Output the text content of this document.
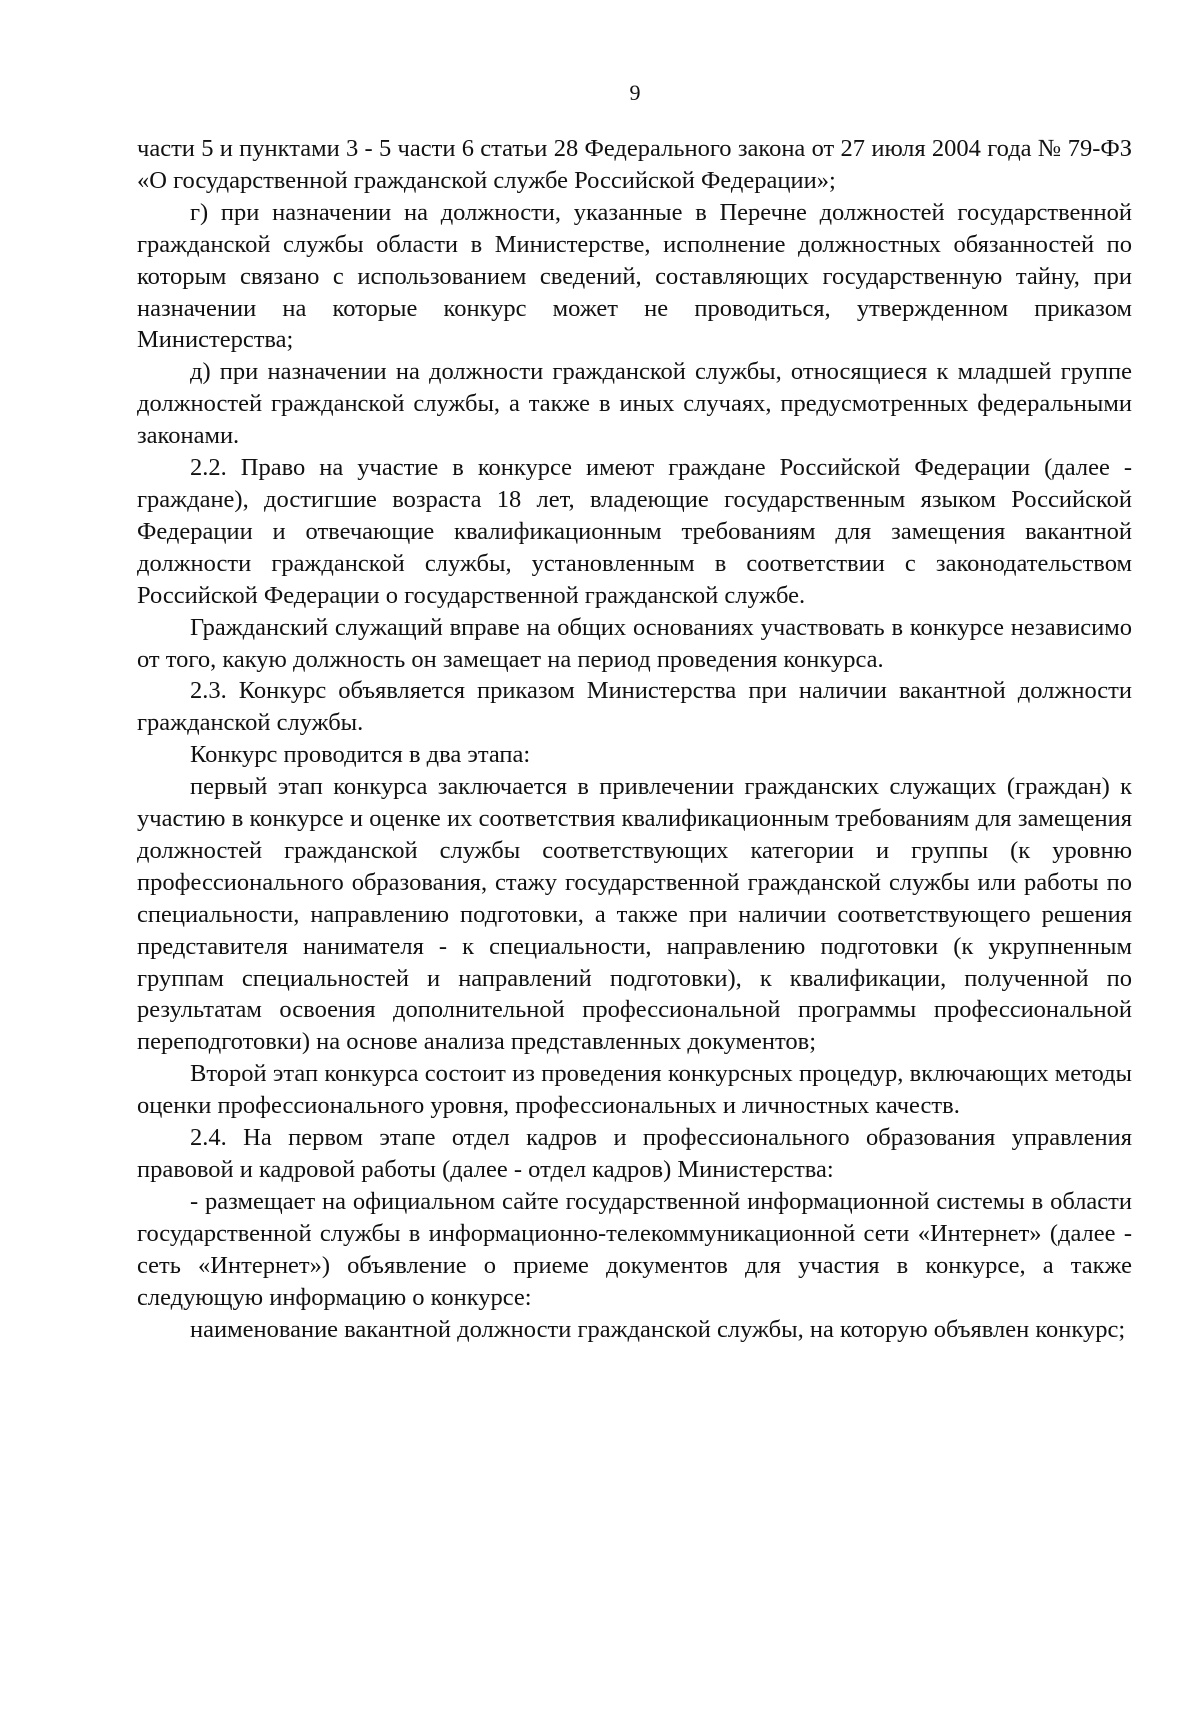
9

части 5 и пунктами 3 - 5 части 6 статьи 28 Федерального закона от 27 июля 2004 года № 79-ФЗ «О государственной гражданской службе Российской Федерации»;

г) при назначении на должности, указанные в Перечне должностей государственной гражданской службы области в Министерстве, исполнение должностных обязанностей по которым связано с использованием сведений, составляющих государственную тайну, при назначении на которые конкурс может не проводиться, утвержденном приказом Министерства;

д) при назначении на должности гражданской службы, относящиеся к младшей группе должностей гражданской службы, а также в иных случаях, предусмотренных федеральными законами.

2.2. Право на участие в конкурсе имеют граждане Российской Федерации (далее - граждане), достигшие возраста 18 лет, владеющие государственным языком Российской Федерации и отвечающие квалификационным требованиям для замещения вакантной должности гражданской службы, установленным в соответствии с законодательством Российской Федерации о государственной гражданской службе.

Гражданский служащий вправе на общих основаниях участвовать в конкурсе независимо от того, какую должность он замещает на период проведения конкурса.

2.3. Конкурс объявляется приказом Министерства при наличии вакантной должности гражданской службы.

Конкурс проводится в два этапа:

первый этап конкурса заключается в привлечении гражданских служащих (граждан) к участию в конкурсе и оценке их соответствия квалификационным требованиям для замещения должностей гражданской службы соответствующих категории и группы (к уровню профессионального образования, стажу государственной гражданской службы или работы по специальности, направлению подготовки, а также при наличии соответствующего решения представителя нанимателя - к специальности, направлению подготовки (к укрупненным группам специальностей и направлений подготовки), к квалификации, полученной по результатам освоения дополнительной профессиональной программы профессиональной переподготовки) на основе анализа представленных документов;

Второй этап конкурса состоит из проведения конкурсных процедур, включающих методы оценки профессионального уровня, профессиональных и личностных качеств.

2.4. На первом этапе отдел кадров и профессионального образования управления правовой и кадровой работы (далее - отдел кадров) Министерства:

- размещает на официальном сайте государственной информационной системы в области государственной службы в информационно-телекоммуникационной сети «Интернет» (далее - сеть «Интернет») объявление о приеме документов для участия в конкурсе, а также следующую информацию о конкурсе:

наименование вакантной должности гражданской службы, на которую объявлен конкурс;
